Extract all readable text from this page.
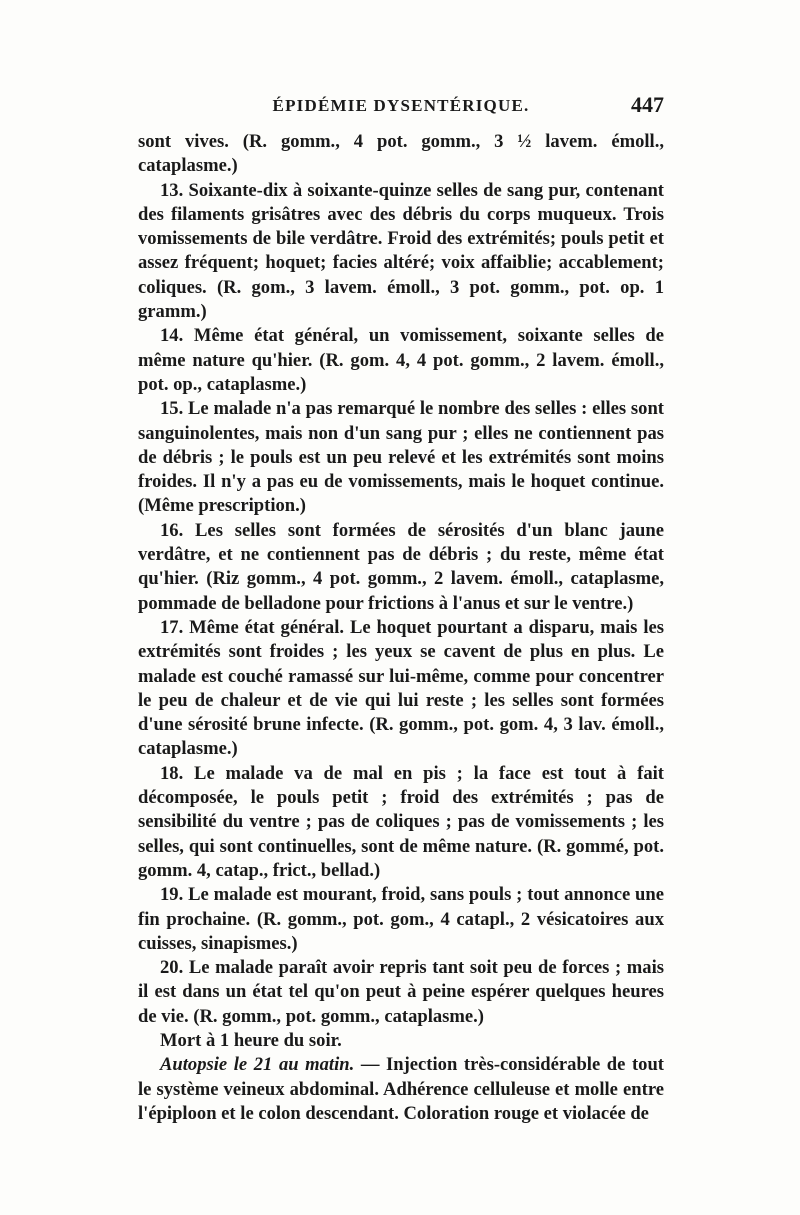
ÉPIDÉMIE DYSENTÉRIQUE.	447

sont vives. (R. gomm., 4 pot. gomm., 3 ½ lavem. émoll., cataplasme.)

13. Soixante-dix à soixante-quinze selles de sang pur, contenant des filaments grisâtres avec des débris du corps muqueux. Trois vomissements de bile verdâtre. Froid des extrémités; pouls petit et assez fréquent; hoquet; facies altéré; voix affaiblie; accablement; coliques. (R. gom., 3 lavem. émoll., 3 pot. gomm., pot. op. 1 gramm.)

14. Même état général, un vomissement, soixante selles de même nature qu'hier. (R. gom. 4, 4 pot. gomm., 2 lavem. émoll., pot. op., cataplasme.)

15. Le malade n'a pas remarqué le nombre des selles : elles sont sanguinolentes, mais non d'un sang pur ; elles ne contiennent pas de débris ; le pouls est un peu relevé et les extrémités sont moins froides. Il n'y a pas eu de vomissements, mais le hoquet continue. (Même prescription.)

16. Les selles sont formées de sérosités d'un blanc jaune verdâtre, et ne contiennent pas de débris ; du reste, même état qu'hier. (Riz gomm., 4 pot. gomm., 2 lavem. émoll., cataplasme, pommade de belladone pour frictions à l'anus et sur le ventre.)

17. Même état général. Le hoquet pourtant a disparu, mais les extrémités sont froides ; les yeux se cavent de plus en plus. Le malade est couché ramassé sur lui-même, comme pour concentrer le peu de chaleur et de vie qui lui reste ; les selles sont formées d'une sérosité brune infecte. (R. gomm., pot. gom. 4, 3 lav. émoll., cataplasme.)

18. Le malade va de mal en pis ; la face est tout à fait décomposée, le pouls petit ; froid des extrémités ; pas de sensibilité du ventre ; pas de coliques ; pas de vomissements ; les selles, qui sont continuelles, sont de même nature. (R. gommé, pot. gomm. 4, catap., frict., bellad.)

19. Le malade est mourant, froid, sans pouls ; tout annonce une fin prochaine. (R. gomm., pot. gom., 4 catapl., 2 vésicatoires aux cuisses, sinapismes.)

20. Le malade paraît avoir repris tant soit peu de forces ; mais il est dans un état tel qu'on peut à peine espérer quelques heures de vie. (R. gomm., pot. gomm., cataplasme.)

Mort à 1 heure du soir.

Autopsie le 21 au matin. — Injection très-considérable de tout le système veineux abdominal. Adhérence celluleuse et molle entre l'épiploon et le colon descendant. Coloration rouge et violacée de
